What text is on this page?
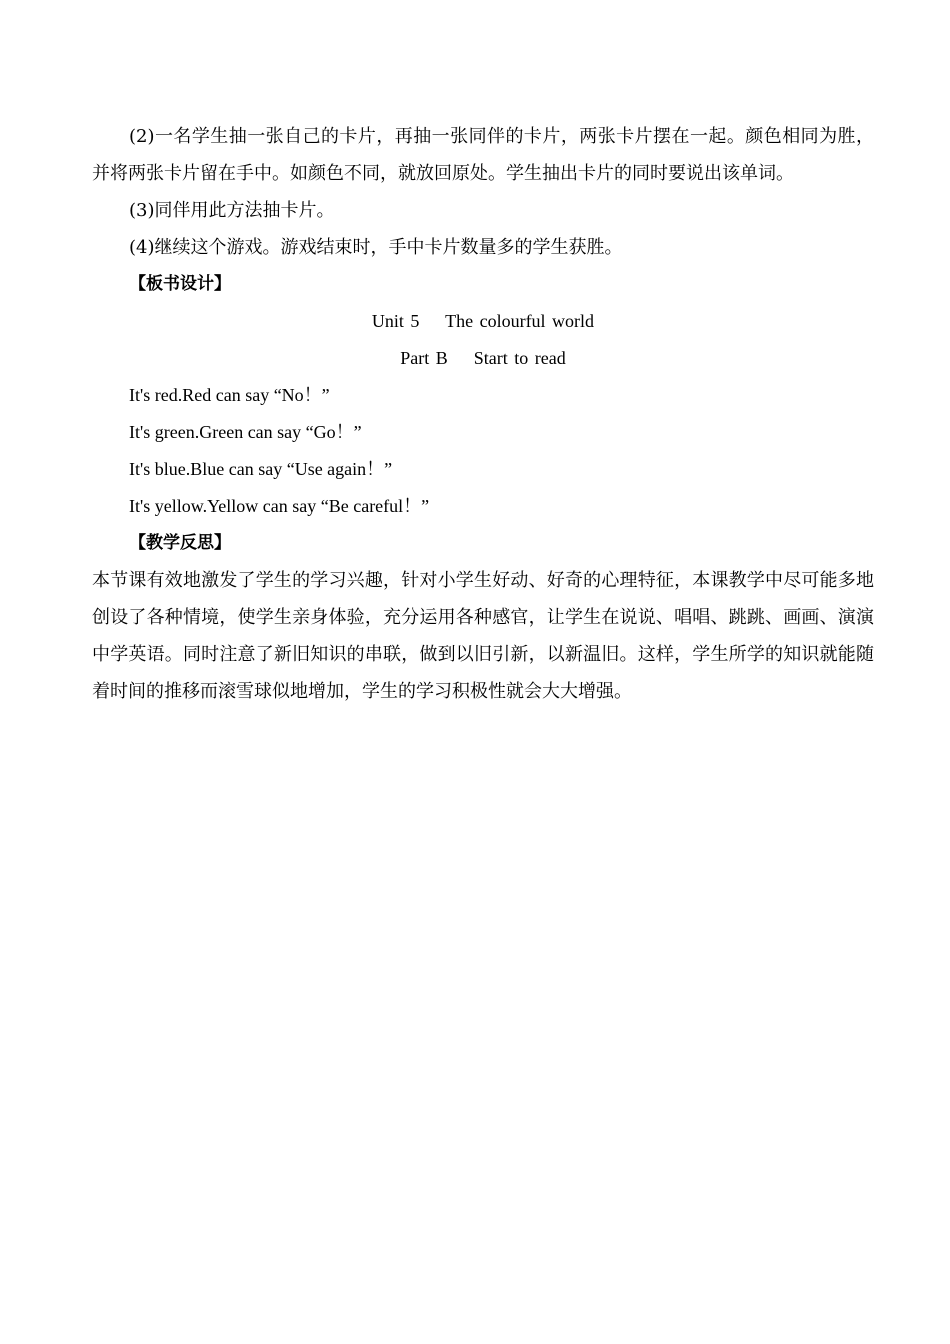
(2)一名学生抽一张自己的卡片，再抽一张同伴的卡片，两张卡片摆在一起。颜色相同为胜，并将两张卡片留在手中。如颜色不同，就放回原处。学生抽出卡片的同时要说出该单词。

(3)同伴用此方法抽卡片。

(4)继续这个游戏。游戏结束时，手中卡片数量多的学生获胜。

【板书设计】

Unit 5    The colourful world

Part B    Start to read

It's red.Red can say “No！”

It's green.Green can say “Go！”

It's blue.Blue can say “Use again！”

It's yellow.Yellow can say “Be careful！”

【教学反思】

本节课有效地激发了学生的学习兴趣，针对小学生好动、好奇的心理特征，本课教学中尽可能多地创设了各种情境，使学生亲身体验，充分运用各种感官，让学生在说说、唱唱、跳跳、画画、演演中学英语。同时注意了新旧知识的串联，做到以旧引新，以新温旧。这样，学生所学的知识就能随着时间的推移而滚雪球似地增加，学生的学习积极性就会大大增强。
